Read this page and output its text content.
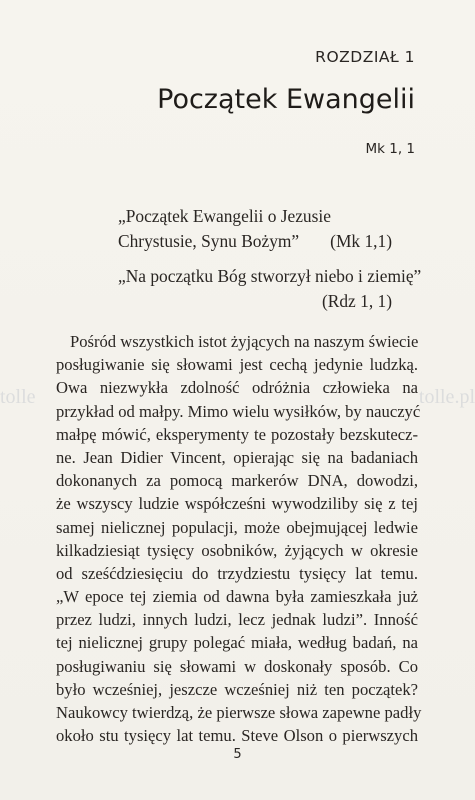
tolle	tolle.pl
ROZDZIAŁ 1
Początek Ewangelii
Mk 1, 1
„Początek Ewangelii o Jezusie
Chrystusie, Synu Bożym” (Mk 1,1)
„Na początku Bóg stworzył niebo i ziemię”
(Rdz 1, 1)
Pośród wszystkich istot żyjących na naszym świecie
posługiwanie się słowami jest cechą jedynie ludzką.
Owa niezwykła zdolność odróżnia człowieka na
przykład od małpy. Mimo wielu wysiłków, by nauczyć
małpę mówić, eksperymenty te pozostały bezskutecz-
ne. Jean Didier Vincent, opierając się na badaniach
dokonanych za pomocą markerów DNA, dowodzi,
że wszyscy ludzie współcześni wywodziliby się z tej
samej nielicznej populacji, może obejmującej ledwie
kilkadziesiąt tysięcy osobników, żyjących w okresie
od sześćdziesięciu do trzydziestu tysięcy lat temu.
„W epoce tej ziemia od dawna była zamieszkała już
przez ludzi, innych ludzi, lecz jednak ludzi”. Inność
tej nielicznej grupy polegać miała, według badań, na
posługiwaniu się słowami w doskonały sposób. Co
było wcześniej, jeszcze wcześniej niż ten początek?
Naukowcy twierdzą, że pierwsze słowa zapewne padły
około stu tysięcy lat temu. Steve Olson o pierwszych
5
